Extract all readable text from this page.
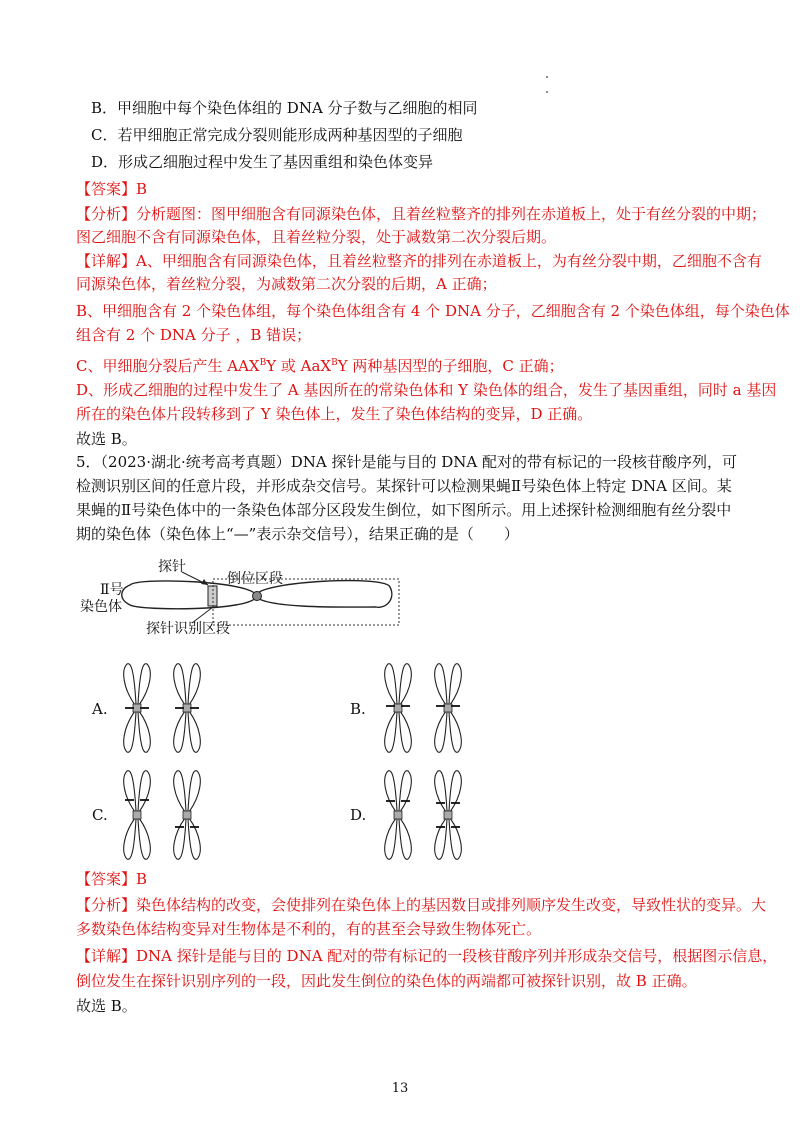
B．甲细胞中每个染色体组的 DNA 分子数与乙细胞的相同
C．若甲细胞正常完成分裂则能形成两种基因型的子细胞
D．形成乙细胞过程中发生了基因重组和染色体变异
【答案】B
【分析】分析题图：图甲细胞含有同源染色体，且着丝粒整齐的排列在赤道板上，处于有丝分裂的中期；
图乙细胞不含有同源染色体，且着丝粒分裂，处于减数第二次分裂后期。
【详解】A、甲细胞含有同源染色体，且着丝粒整齐的排列在赤道板上，为有丝分裂中期，乙细胞不含有
同源染色体，着丝粒分裂，为减数第二次分裂的后期，A 正确；
B、甲细胞含有 2 个染色体组，每个染色体组含有 4 个 DNA 分子，乙细胞含有 2 个染色体组，每个染色体
组含有 2 个 DNA 分子 ，B 错误；
C、甲细胞分裂后产生 $AAX^BY$ 或 AaX$^B$Y 两种基因型的子细胞，C 正确；
D、形成乙细胞的过程中发生了 A 基因所在的常染色体和 Y 染色体的组合，发生了基因重组，同时 a 基因
所在的染色体片段转移到了 Y 染色体上，发生了染色体结构的变异，D 正确。
故选 B。
5．（2023·湖北·统考高考真题）DNA 探针是能与目的 DNA 配对的带有标记的一段核苷酸序列，可检测识别区间的任意片段，并形成杂交信号。某探针可以检测果蝇Ⅱ号染色体上特定 DNA 区间。某果蝇的Ⅱ号染色体中的一条染色体部分区段发生倒位，如下图所示。用上述探针检测细胞有丝分裂中期的染色体（染色体上“—”表示杂交信号），结果正确的是（　　）
探针
倒位区段
Ⅱ号
染色体
探针识别区段
A.	B.
C.	D.
【答案】B
【分析】染色体结构的改变，会使排列在染色体上的基因数目或排列顺序发生改变，导致性状的变异。大
多数染色体结构变异对生物体是不利的，有的甚至会导致生物体死亡。
【详解】DNA 探针是能与目的 DNA 配对的带有标记的一段核苷酸序列并形成杂交信号，根据图示信息，
倒位发生在探针识别序列的一段，因此发生倒位的染色体的两端都可被探针识别，故 B 正确。
故选 B。
13
